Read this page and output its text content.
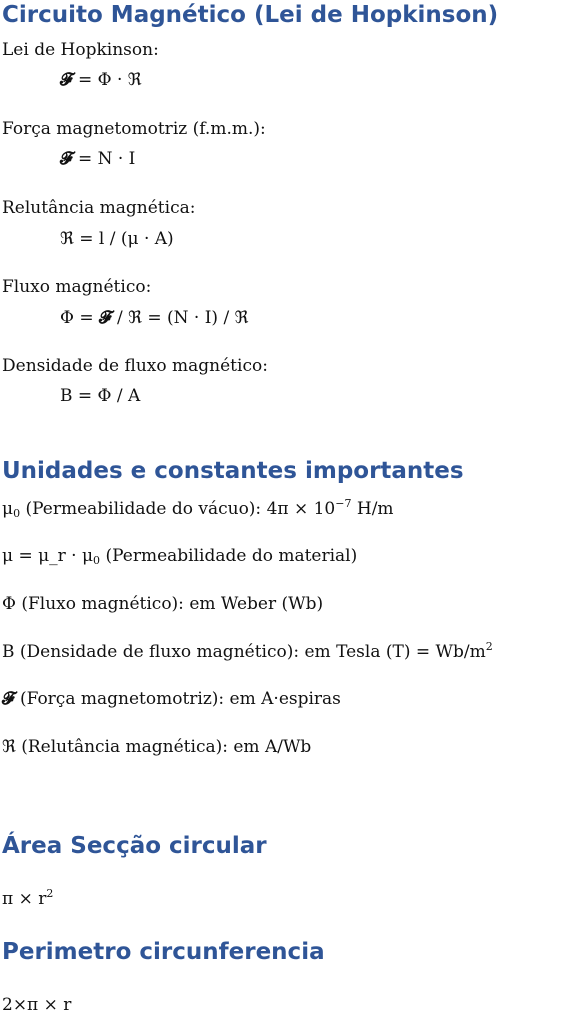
Circuito Magnético (Lei de Hopkinson)
Lei de Hopkinson:
𝓕 = Φ · ℜ
Força magnetomotriz (f.m.m.):
𝓕 = N · I
Relutância magnética:
ℜ = l / (μ · A)
Fluxo magnético:
Φ = 𝓕 / ℜ = (N · I) / ℜ
Densidade de fluxo magnético:
B = Φ / A
Unidades e constantes importantes
$\mu_0$ (Permeabilidade do vácuo): $4\pi \times 10^{-7}$ H/m
μ = μ_r · $\mu_0$ (Permeabilidade do material)
Φ (Fluxo magnético): em Weber (Wb)
B (Densidade de fluxo magnético): em Tesla $(T) = Wb/m^2$
𝓕 (Força magnetomotriz): em A·espiras
ℜ (Relutância magnética): em A/Wb
Área Secção circular
$\pi \times r^2$
Perimetro circunferencia
2×π × r
